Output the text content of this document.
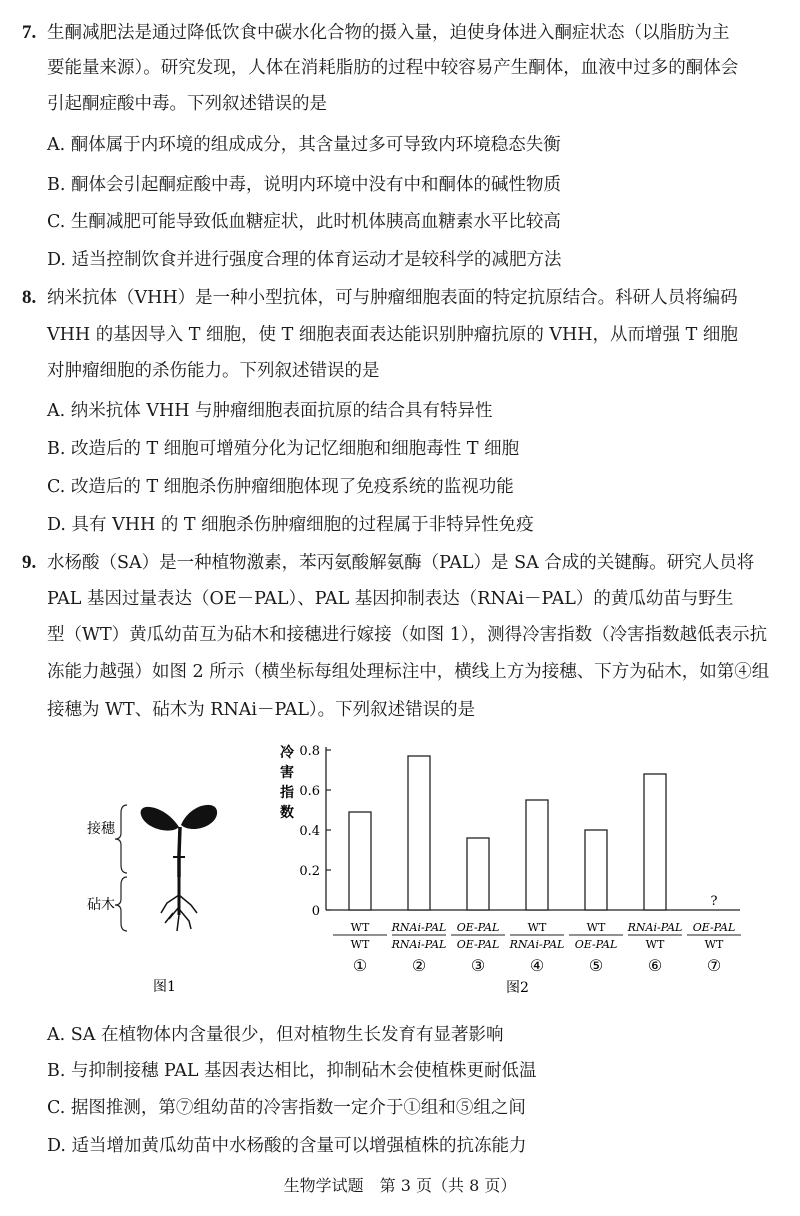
7. 生酮减肥法是通过降低饮食中碳水化合物的摄入量，迫使身体进入酮症状态（以脂肪为主
要能量来源）。研究发现，人体在消耗脂肪的过程中较容易产生酮体，血液中过多的酮体会
引起酮症酸中毒。下列叙述错误的是
A. 酮体属于内环境的组成成分，其含量过多可导致内环境稳态失衡
B. 酮体会引起酮症酸中毒，说明内环境中没有中和酮体的碱性物质
C. 生酮减肥可能导致低血糖症状，此时机体胰高血糖素水平比较高
D. 适当控制饮食并进行强度合理的体育运动才是较科学的减肥方法
8. 纳米抗体（VHH）是一种小型抗体，可与肿瘤细胞表面的特定抗原结合。科研人员将编码
VHH 的基因导入 T 细胞，使 T 细胞表面表达能识别肿瘤抗原的 VHH，从而增强 T 细胞
对肿瘤细胞的杀伤能力。下列叙述错误的是
A. 纳米抗体 VHH 与肿瘤细胞表面抗原的结合具有特异性
B. 改造后的 T 细胞可增殖分化为记忆细胞和细胞毒性 T 细胞
C. 改造后的 T 细胞杀伤肿瘤细胞体现了免疫系统的监视功能
D. 具有 VHH 的 T 细胞杀伤肿瘤细胞的过程属于非特异性免疫
9. 水杨酸（SA）是一种植物激素，苯丙氨酸解氨酶（PAL）是 SA 合成的关键酶。研究人员将
PAL 基因过量表达（OE－PAL）、PAL 基因抑制表达（RNAi－PAL）的黄瓜幼苗与野生
型（WT）黄瓜幼苗互为砧木和接穗进行嫁接（如图 1），测得冷害指数（冷害指数越低表示抗
冻能力越强）如图 2 所示（横坐标每组处理标注中，横线上方为接穗、下方为砧木，如第④组
接穗为 WT、砧木为 RNAi－PAL）。下列叙述错误的是
接穗
砧木
图1
冷
害
指
数
0
0.2
0.4
0.6
0.8
?
WT
WT
①
RNAi-PAL
RNAi-PAL
②
OE-PAL
OE-PAL
③
WT
RNAi-PAL
④
WT
OE-PAL
⑤
RNAi-PAL
WT
⑥
OE-PAL
WT
⑦
图2
A. SA 在植物体内含量很少，但对植物生长发育有显著影响
B. 与抑制接穗 PAL 基因表达相比，抑制砧木会使植株更耐低温
C. 据图推测，第⑦组幼苗的冷害指数一定介于①组和⑤组之间
D. 适当增加黄瓜幼苗中水杨酸的含量可以增强植株的抗冻能力
生物学试题　第 3 页（共 8 页）
